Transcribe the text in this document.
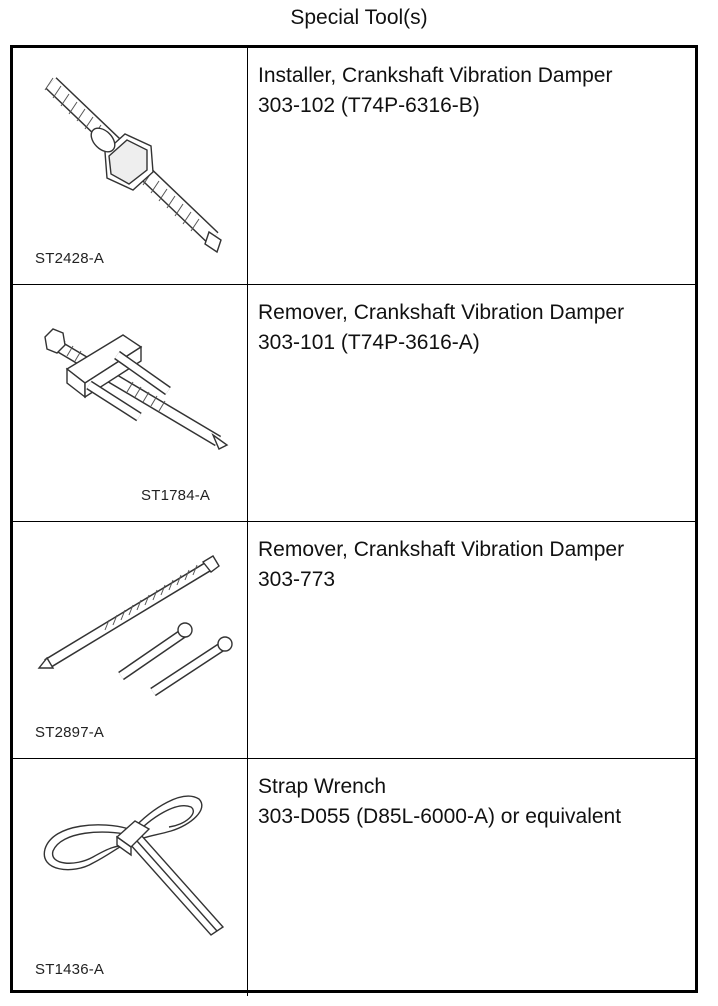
Special Tool(s)
ST2428-A
Installer, Crankshaft Vibration Damper
303-102 (T74P-6316-B)
ST1784-A
Remover, Crankshaft Vibration Damper
303-101 (T74P-3616-A)
ST2897-A
Remover, Crankshaft Vibration Damper
303-773
ST1436-A
Strap Wrench
303-D055 (D85L-6000-A) or equivalent
